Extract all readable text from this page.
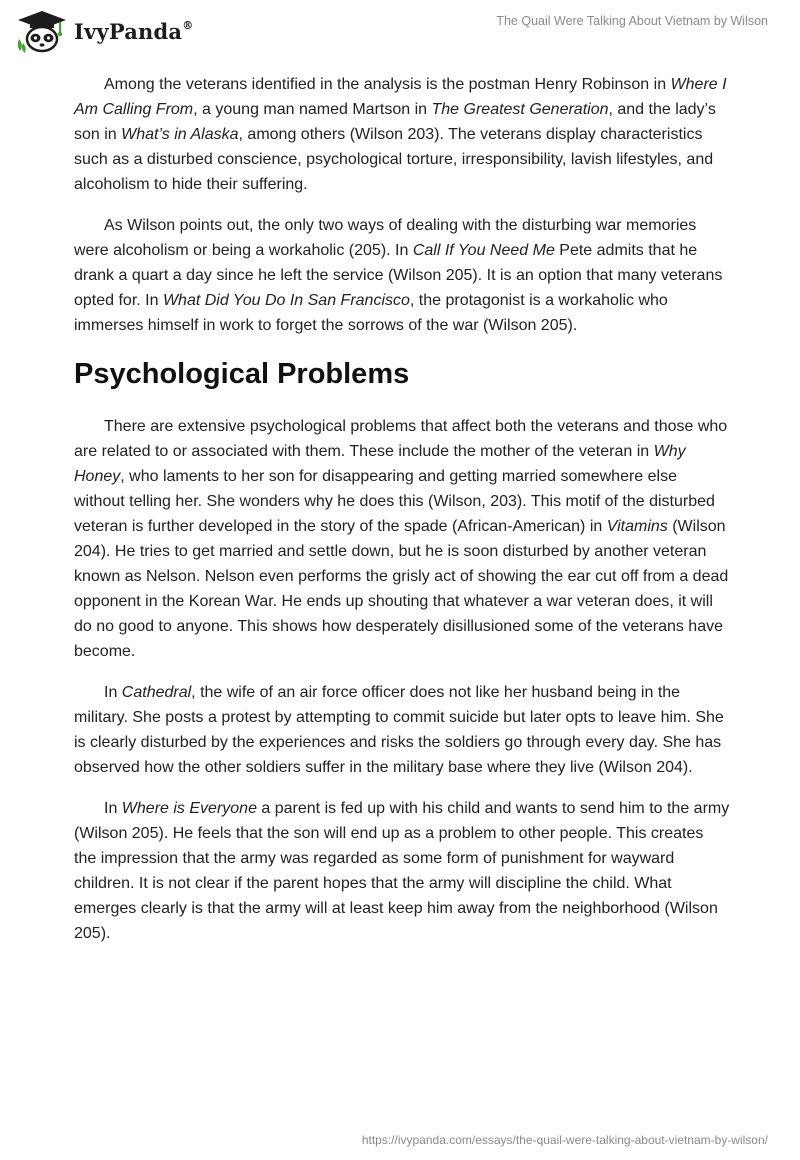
IvyPanda®	The Quail Were Talking About Vietnam by Wilson

Among the veterans identified in the analysis is the postman Henry Robinson in Where I Am Calling From, a young man named Martson in The Greatest Generation, and the lady’s son in What’s in Alaska, among others (Wilson 203). The veterans display characteristics such as a disturbed conscience, psychological torture, irresponsibility, lavish lifestyles, and alcoholism to hide their suffering.

As Wilson points out, the only two ways of dealing with the disturbing war memories were alcoholism or being a workaholic (205). In Call If You Need Me Pete admits that he drank a quart a day since he left the service (Wilson 205). It is an option that many veterans opted for. In What Did You Do In San Francisco, the protagonist is a workaholic who immerses himself in work to forget the sorrows of the war (Wilson 205).

Psychological Problems

There are extensive psychological problems that affect both the veterans and those who are related to or associated with them. These include the mother of the veteran in Why Honey, who laments to her son for disappearing and getting married somewhere else without telling her. She wonders why he does this (Wilson, 203). This motif of the disturbed veteran is further developed in the story of the spade (African-American) in Vitamins (Wilson 204). He tries to get married and settle down, but he is soon disturbed by another veteran known as Nelson. Nelson even performs the grisly act of showing the ear cut off from a dead opponent in the Korean War. He ends up shouting that whatever a war veteran does, it will do no good to anyone. This shows how desperately disillusioned some of the veterans have become.

In Cathedral, the wife of an air force officer does not like her husband being in the military. She posts a protest by attempting to commit suicide but later opts to leave him. She is clearly disturbed by the experiences and risks the soldiers go through every day. She has observed how the other soldiers suffer in the military base where they live (Wilson 204).

In Where is Everyone a parent is fed up with his child and wants to send him to the army (Wilson 205). He feels that the son will end up as a problem to other people. This creates the impression that the army was regarded as some form of punishment for wayward children. It is not clear if the parent hopes that the army will discipline the child. What emerges clearly is that the army will at least keep him away from the neighborhood (Wilson 205).

https://ivypanda.com/essays/the-quail-were-talking-about-vietnam-by-wilson/
